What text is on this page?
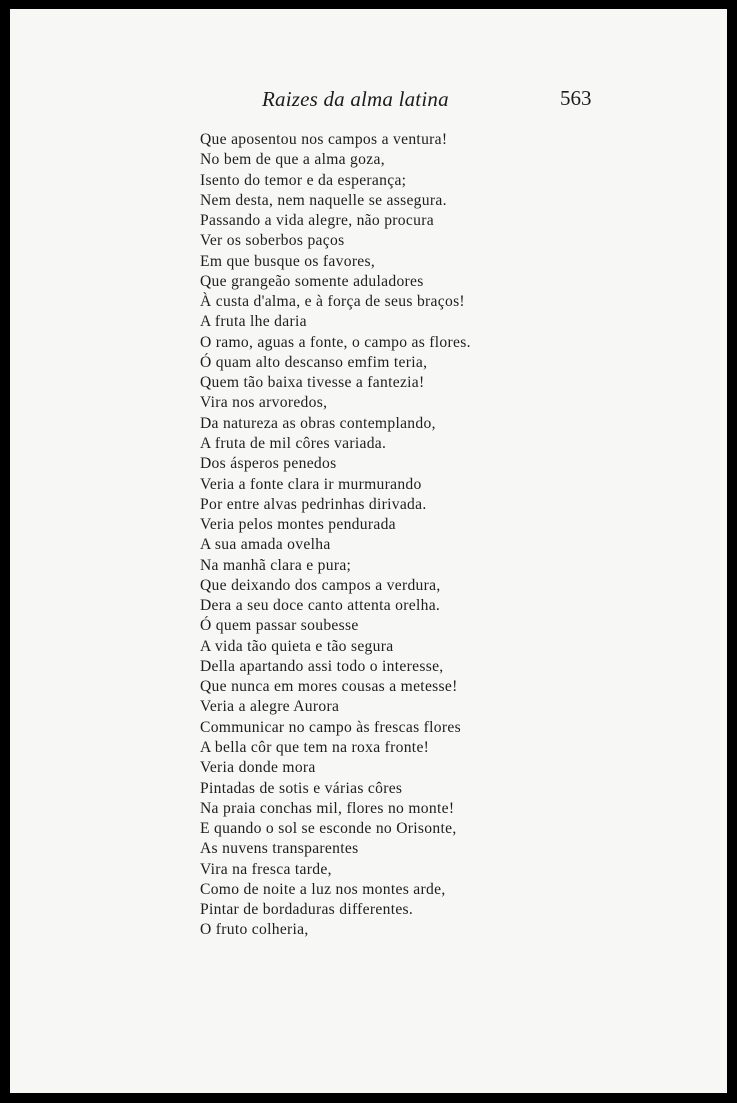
Raizes da alma latina	563
Que aposentou nos campos a ventura!
No bem de que a alma goza,
Isento do temor e da esperança;
Nem desta, nem naquelle se assegura.
Passando a vida alegre, não procura
Ver os soberbos paços
Em que busque os favores,
Que grangeão somente aduladores
À custa d'alma, e à força de seus braços!
A fruta lhe daria
O ramo, aguas a fonte, o campo as flores.
Ó quam alto descanso emfim teria,
Quem tão baixa tivesse a fantezia!
Vira nos arvoredos,
Da natureza as obras contemplando,
A fruta de mil côres variada.
Dos ásperos penedos
Veria a fonte clara ir murmurando
Por entre alvas pedrinhas dirivada.
Veria pelos montes pendurada
A sua amada ovelha
Na manhã clara e pura;
Que deixando dos campos a verdura,
Dera a seu doce canto attenta orelha.
Ó quem passar soubesse
A vida tão quieta e tão segura
Della apartando assi todo o interesse,
Que nunca em mores cousas a metesse!
Veria a alegre Aurora
Communicar no campo às frescas flores
A bella côr que tem na roxa fronte!
Veria donde mora
Pintadas de sotis e várias côres
Na praia conchas mil, flores no monte!
E quando o sol se esconde no Orisonte,
As nuvens transparentes
Vira na fresca tarde,
Como de noite a luz nos montes arde,
Pintar de bordaduras differentes.
O fruto colheria,
